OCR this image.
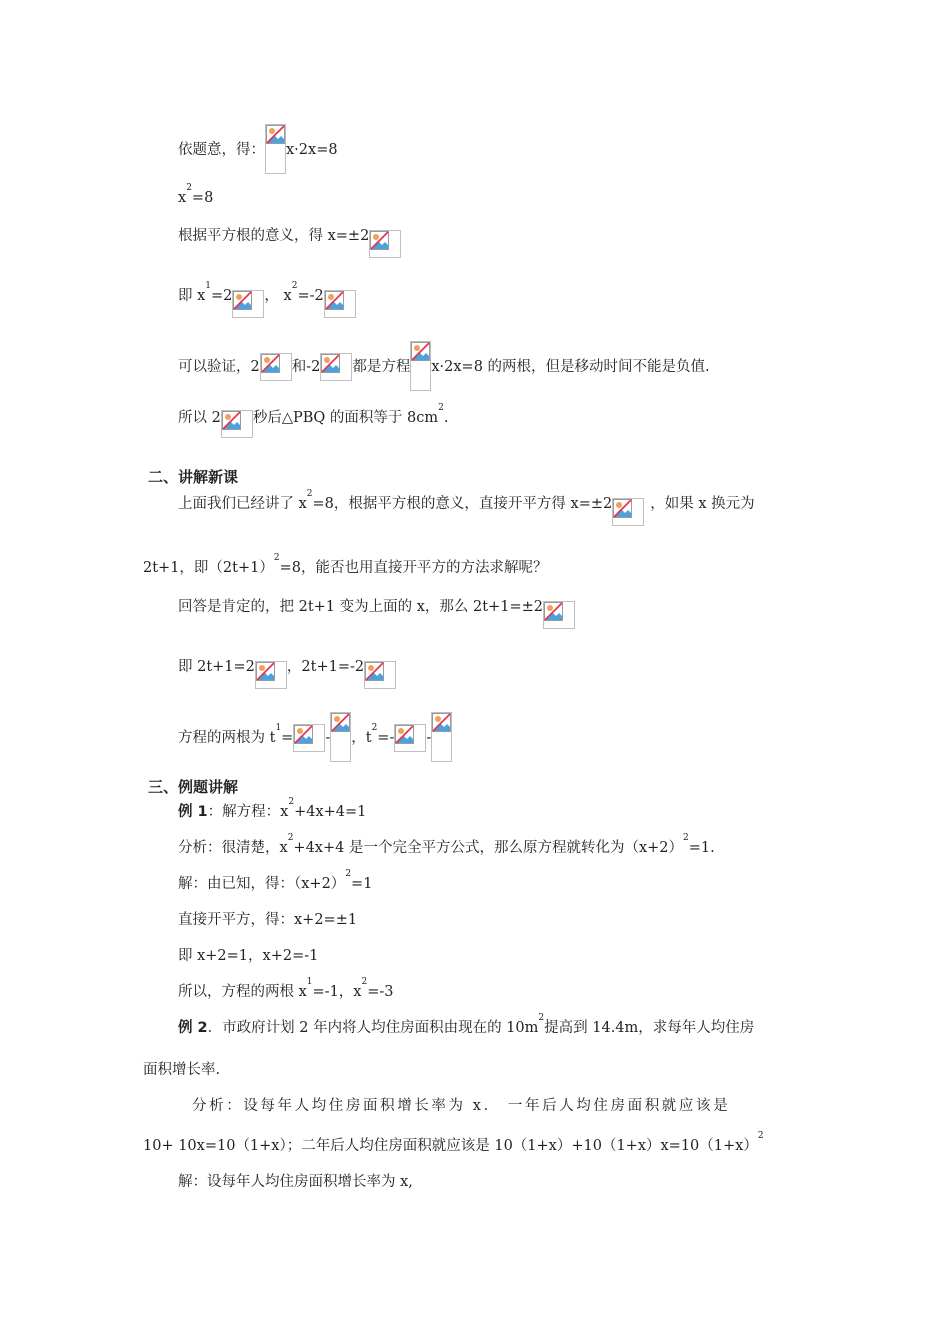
依题意，得： x·2x=8
x
2
=8
根据平方根的意义，得 x=±2
即 x
1
=2 ， x
2
=-2
可以验证，2 和-2 都是方程 x·2x=8 的两根，但是移动时间不能是负值.
所以 2 秒后△PBQ 的面积等于 8cm
2
.
二、讲解新课
上面我们已经讲了 x
2
=8，根据平方根的意义，直接开平方得 x=±2	，如果 x 换元为
2t+1，即（2t+1）
2
=8，能否也用直接开平方的方法求解呢？
回答是肯定的，把 2t+1 变为上面的 x，那么 2t+1=±2
即 2t+1=2 ，2t+1=-2
方程的两根为 t
1
= - ，t
2
=- -
三、例题讲解
例 1 ：解方程：x
2
+4x+4=1
分析：很清楚，x
2
+4x+4 是一个完全平方公式，那么原方程就转化为（x+2）
2
=1.
解：由已知，得：（x+2）
2
=1
直接开平方，得：x+2=±1
即 x+2=1，x+2=-1
所以，方程的两根 x
1
=-1，x
2
=-3
例 2 ．市政府计划 2 年内将人均住房面积由现在的 10m
2
提高到 14.4m，求每年人均住房
面积增长率.
分析：设每年人均住房面积增长率为 x． 一年后人均住房面积就应该是
10+ 10x=10（1+x）；二年后人均住房面积就应该是 10（1+x）+10（1+x）x=10（1+x）
2
解：设每年人均住房面积增长率为 x,
